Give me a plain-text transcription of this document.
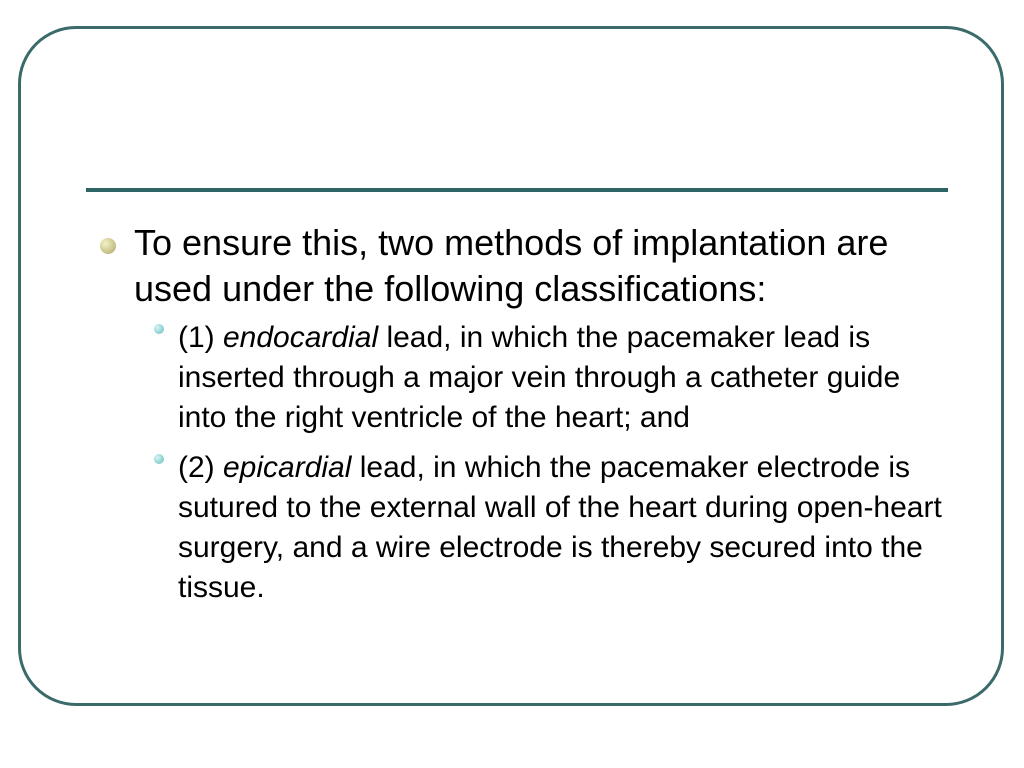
To ensure this, two methods of implantation are used under the following classifications:
(1) endocardial lead, in which the pacemaker lead is inserted through a major vein through a catheter guide into the right ventricle of the heart; and
(2) epicardial lead, in which the pacemaker electrode is sutured to the external wall of the heart during open-heart surgery, and a wire electrode is thereby secured into the tissue.
